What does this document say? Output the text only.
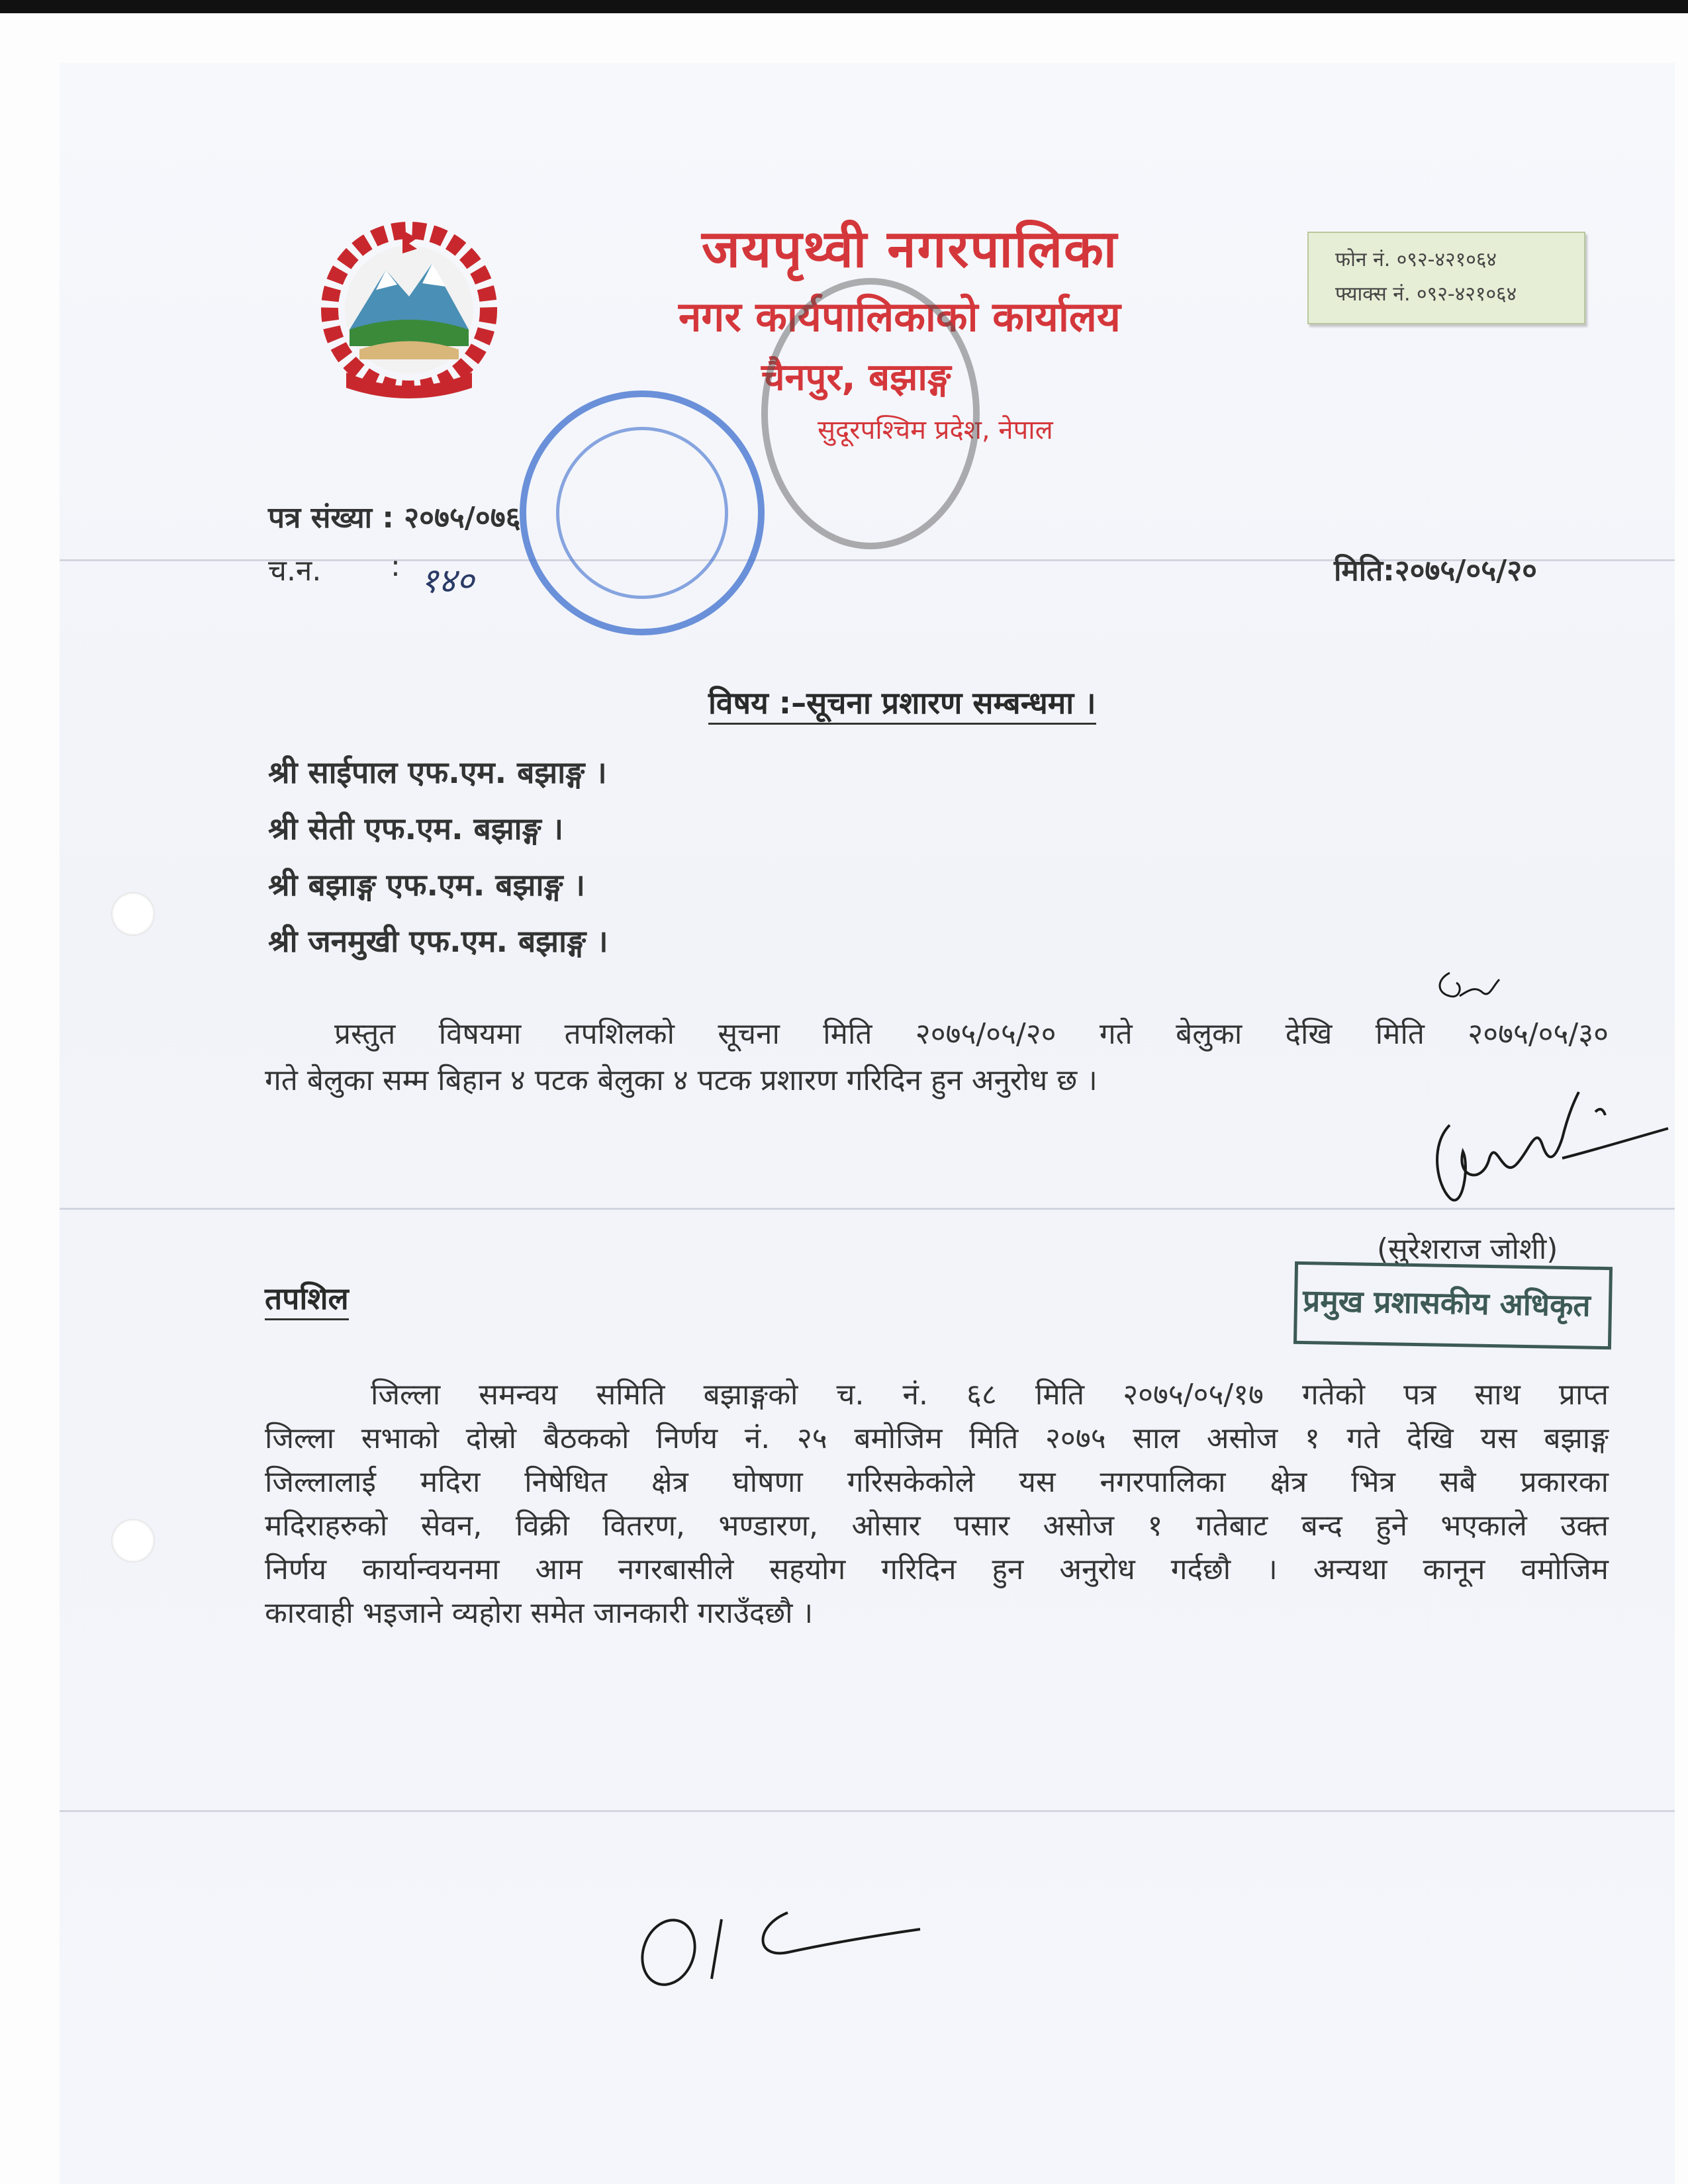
जयपृथ्वी नगरपालिका
नगर कार्यपालिकाको कार्यालय
चैनपुर, बझाङ्ग
सुदूरपश्चिम प्रदेश, नेपाल
फोन नं. ०९२-४२१०६४
फ्याक्स नं. ०९२-४२१०६४
पत्र संख्या : २०७५/०७६
च.न. : १४०	मिति:२०७५/०५/२०
विषय :–सूचना प्रशारण सम्बन्धमा ।
श्री साईपाल एफ.एम. बझाङ्ग ।
श्री सेती एफ.एम. बझाङ्ग ।
श्री बझाङ्ग एफ.एम. बझाङ्ग ।
श्री जनमुखी एफ.एम. बझाङ्ग ।
प्रस्तुत विषयमा तपशिलको सूचना मिति २०७५/०५/२० गते बेलुका देखि मिति २०७५/०५/३०
गते बेलुका सम्म बिहान ४ पटक बेलुका ४ पटक प्रशारण गरिदिन हुन अनुरोध छ ।
(सुरेशराज जोशी)
प्रमुख प्रशासकीय अधिकृत
तपशिल
जिल्ला समन्वय समिति बझाङ्गको च. नं. ६८ मिति २०७५/०५/१७ गतेको पत्र साथ प्राप्त
जिल्ला सभाको दोस्रो बैठकको निर्णय नं. २५ बमोजिम मिति २०७५ साल असोज १ गते देखि यस बझाङ्ग
जिल्लालाई मदिरा निषेधित क्षेत्र घोषणा गरिसकेकोले यस नगरपालिका क्षेत्र भित्र सबै प्रकारका
मदिराहरुको सेवन, विक्री वितरण, भण्डारण, ओसार पसार असोज १ गतेबाट बन्द हुने भएकाले उक्त
निर्णय कार्यान्वयनमा आम नगरबासीले सहयोग गरिदिन हुन अनुरोध गर्दछौ । अन्यथा कानून वमोजिम
कारवाही भइजाने व्यहोरा समेत जानकारी गराउँदछौ ।
